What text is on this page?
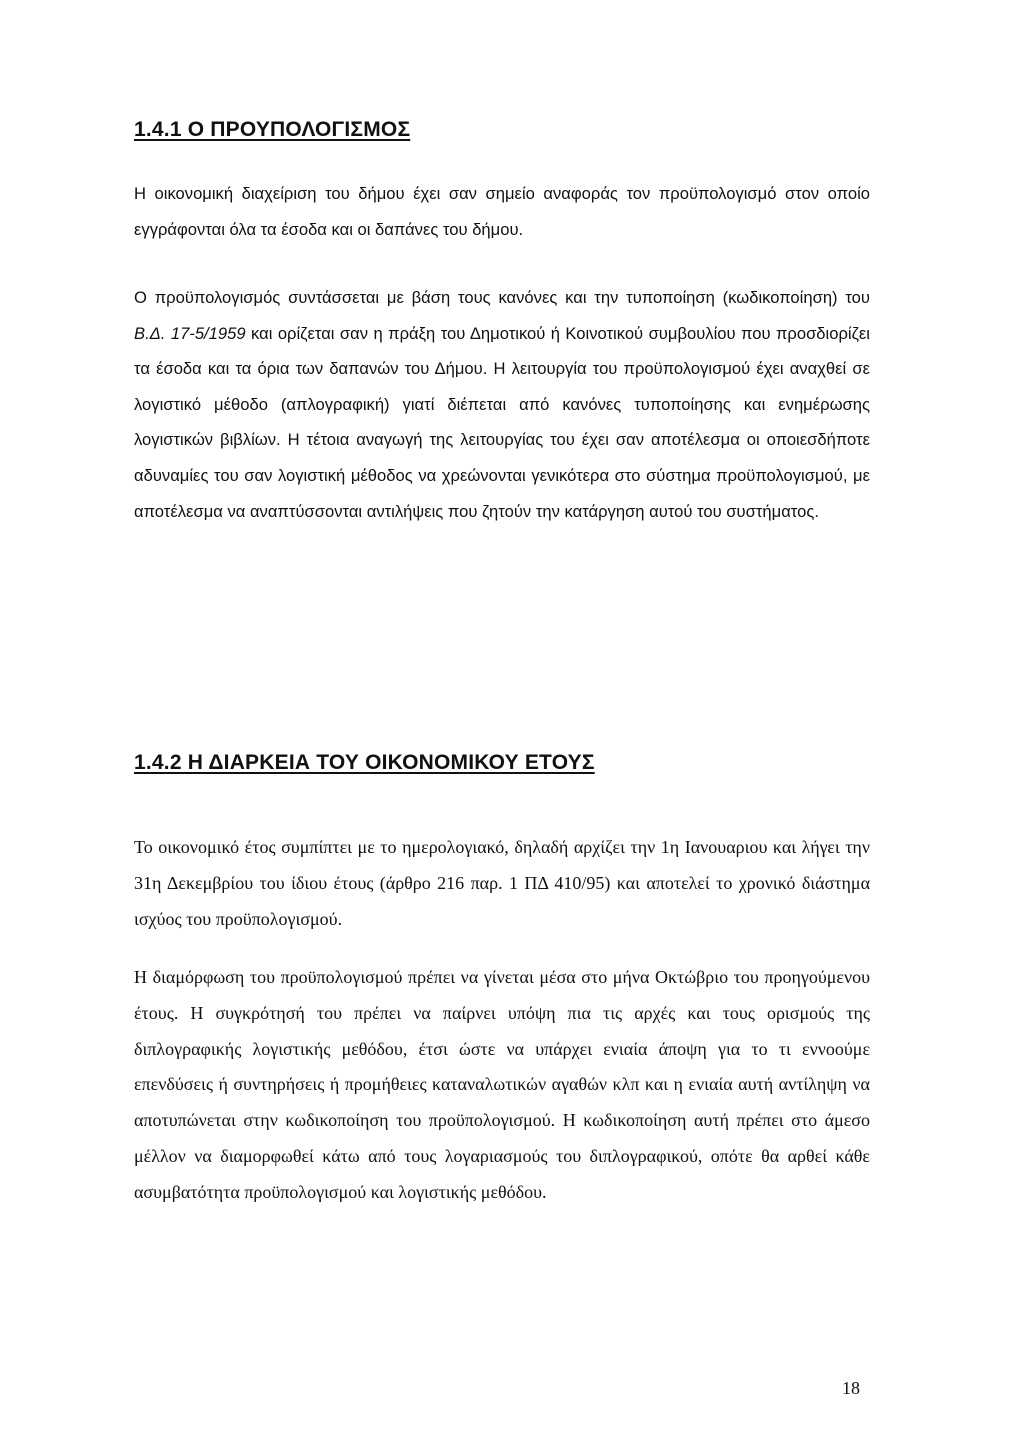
1.4.1 Ο ΠΡΟΥΠΟΛΟΓΙΣΜΟΣ

Η οικονομική διαχείριση του δήμου έχει σαν σημείο αναφοράς τον προϋπολογισμό στον οποίο εγγράφονται όλα τα έσοδα και οι δαπάνες του δήμου.

Ο προϋπολογισμός συντάσσεται με βάση τους κανόνες και την τυποποίηση (κωδικοποίηση) του Β.Δ. 17-5/1959 και ορίζεται σαν η πράξη του Δημοτικού ή Κοινοτικού συμβουλίου που προσδιορίζει τα έσοδα και τα όρια των δαπανών του Δήμου. Η λειτουργία του προϋπολογισμού έχει αναχθεί σε λογιστικό μέθοδο (απλογραφική) γιατί διέπεται από κανόνες τυποποίησης και ενημέρωσης λογιστικών βιβλίων. Η τέτοια αναγωγή της λειτουργίας του έχει σαν αποτέλεσμα οι οποιεσδήποτε αδυναμίες του σαν λογιστική μέθοδος να χρεώνονται γενικότερα στο σύστημα προϋπολογισμού, με αποτέλεσμα να αναπτύσσονται αντιλήψεις που ζητούν την κατάργηση αυτού του συστήματος.

1.4.2 Η ΔΙΑΡΚΕΙΑ ΤΟΥ ΟΙΚΟΝΟΜΙΚΟΥ ΕΤΟΥΣ

Το οικονομικό έτος συμπίπτει με το ημερολογιακό, δηλαδή αρχίζει την 1η Ιανουαριου και λήγει την 31η Δεκεμβρίου του ίδιου έτους (άρθρο 216 παρ. 1 ΠΔ 410/95) και αποτελεί το χρονικό διάστημα ισχύος του προϋπολογισμού.

Η διαμόρφωση του προϋπολογισμού πρέπει να γίνεται μέσα στο μήνα Οκτώβριο του προηγούμενου έτους. Η συγκρότησή του πρέπει να παίρνει υπόψη πια τις αρχές και τους ορισμούς της διπλογραφικής λογιστικής μεθόδου, έτσι ώστε να υπάρχει ενιαία άποψη για το τι εννοούμε επενδύσεις ή συντηρήσεις ή προμήθειες καταναλωτικών αγαθών κλπ και η ενιαία αυτή αντίληψη να αποτυπώνεται στην κωδικοποίηση του προϋπολογισμού. Η κωδικοποίηση αυτή πρέπει στο άμεσο μέλλον να διαμορφωθεί κάτω από τους λογαριασμούς του διπλογραφικού, οπότε θα αρθεί κάθε ασυμβατότητα προϋπολογισμού και λογιστικής μεθόδου.

18
